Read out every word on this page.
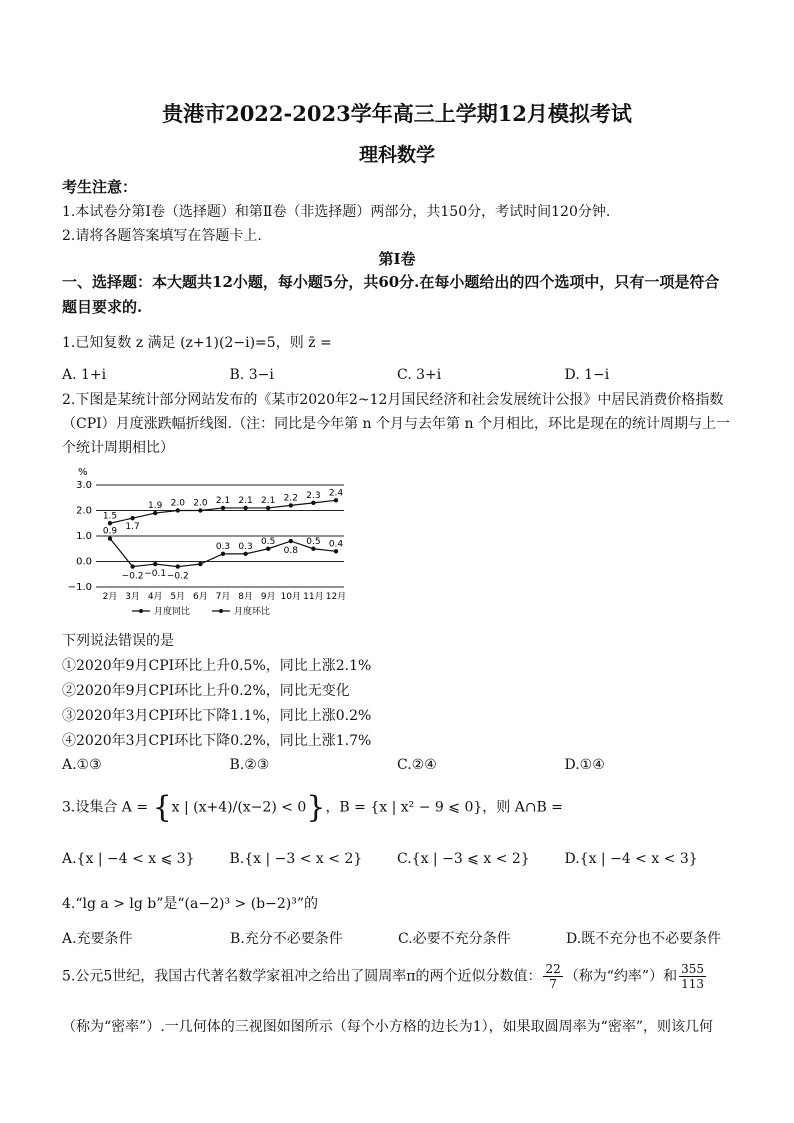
贵港市2022-2023学年高三上学期12月模拟考试
理科数学
考生注意：
1.本试卷分第Ⅰ卷（选择题）和第Ⅱ卷（非选择题）两部分，共150分，考试时间120分钟.
2.请将各题答案填写在答题卡上.
第Ⅰ卷
一、选择题：本大题共12小题，每小题5分，共60分.在每小题给出的四个选项中，只有一项是符合题目要求的.
1.已知复数 z 满足 (z+1)(2−i)=5，则 z̄ =
A. 1+i	B. 3−i	C. 3+i	D. 1−i
2.下图是某统计部分网站发布的《某市2020年2~12月国民经济和社会发展统计公报》中居民消费价格指数（CPI）月度涨跌幅折线图.（注：同比是今年第 n 个月与去年第 n 个月相比，环比是现在的统计周期与上一个统计周期相比）
%
3.0
2.0
1.0
0.0
−1.0
2月 3月 4月 5月 6月 7月 8月 9月 10月 11月 12月
1.5
1.7
1.9 2.0 2.0 2.1 2.1 2.1 2.2 2.3 2.4
0.9
−0.2 −0.1 −0.2
0.3 0.3
0.5
0.8
0.5 0.4
月度同比	月度环比
下列说法错误的是
①2020年9月CPI环比上升0.5%，同比上涨2.1%
②2020年9月CPI环比上升0.2%，同比无变化
③2020年3月CPI环比下降1.1%，同比上涨0.2%
④2020年3月CPI环比下降0.2%，同比上涨1.7%
A.①③	B.②③	C.②④	D.①④
3.设集合 A = {x | (x+4)/(x−2) < 0}，B = {x | x² − 9 ⩽ 0}，则 A∩B =
A.{x | −4 < x ⩽ 3}	B.{x | −3 < x < 2}	C.{x | −3 ⩽ x < 2}	D.{x | −4 < x < 3}
4.“lg a > lg b”是“(a−2)³ > (b−2)³”的
A.充要条件	B.充分不必要条件	C.必要不充分条件	D.既不充分也不必要条件
5.公元5世纪，我国古代著名数学家祖冲之给出了圆周率π的两个近似分数值： $\frac{22}{7}$ （称为“约率”）和 $\frac{355}{113}$
（称为“密率”）.一几何体的三视图如图所示（每个小方格的边长为1），如果取圆周率为“密率”，则该几何
